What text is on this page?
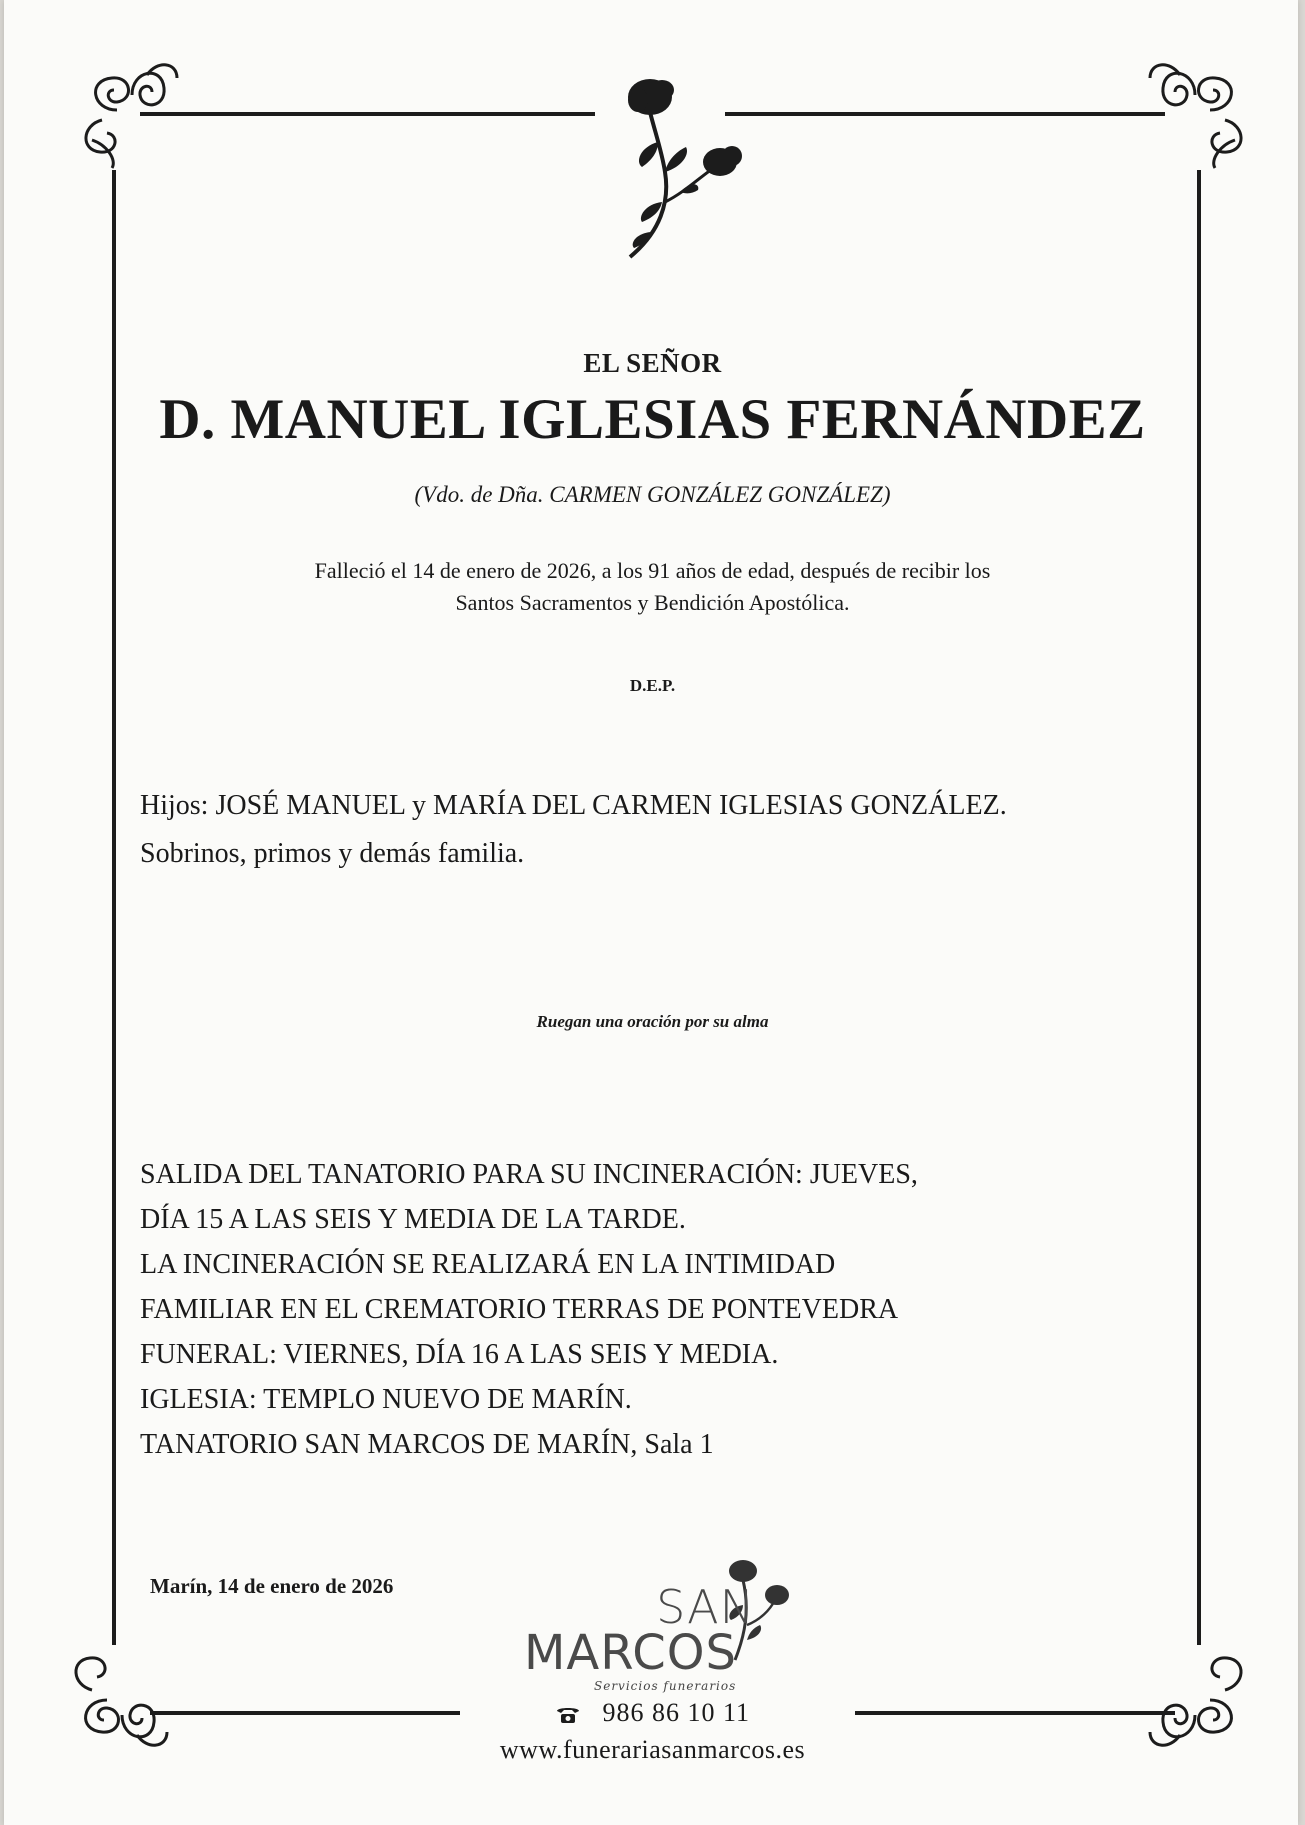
EL SEÑOR
D. MANUEL IGLESIAS FERNÁNDEZ
(Vdo. de Dña. CARMEN GONZÁLEZ GONZÁLEZ)
Falleció el 14 de enero de 2026, a los 91 años de edad, después de recibir los
Santos Sacramentos y Bendición Apostólica.
D.E.P.
Hijos: JOSÉ MANUEL y MARÍA DEL CARMEN IGLESIAS GONZÁLEZ.
Sobrinos, primos y demás familia.
Ruegan una oración por su alma
SALIDA DEL TANATORIO PARA SU INCINERACIÓN: JUEVES,
DÍA 15 A LAS SEIS Y MEDIA DE LA TARDE.
LA INCINERACIÓN SE REALIZARÁ EN LA INTIMIDAD
FAMILIAR EN EL CREMATORIO TERRAS DE PONTEVEDRA
FUNERAL: VIERNES, DÍA 16 A LAS SEIS Y MEDIA.
IGLESIA: TEMPLO NUEVO DE MARÍN.
TANATORIO SAN MARCOS DE MARÍN, Sala 1
Marín, 14 de enero de 2026	SAN
MARCOS
Servicios funerarios
986 86 10 11
www.funerariasanmarcos.es
